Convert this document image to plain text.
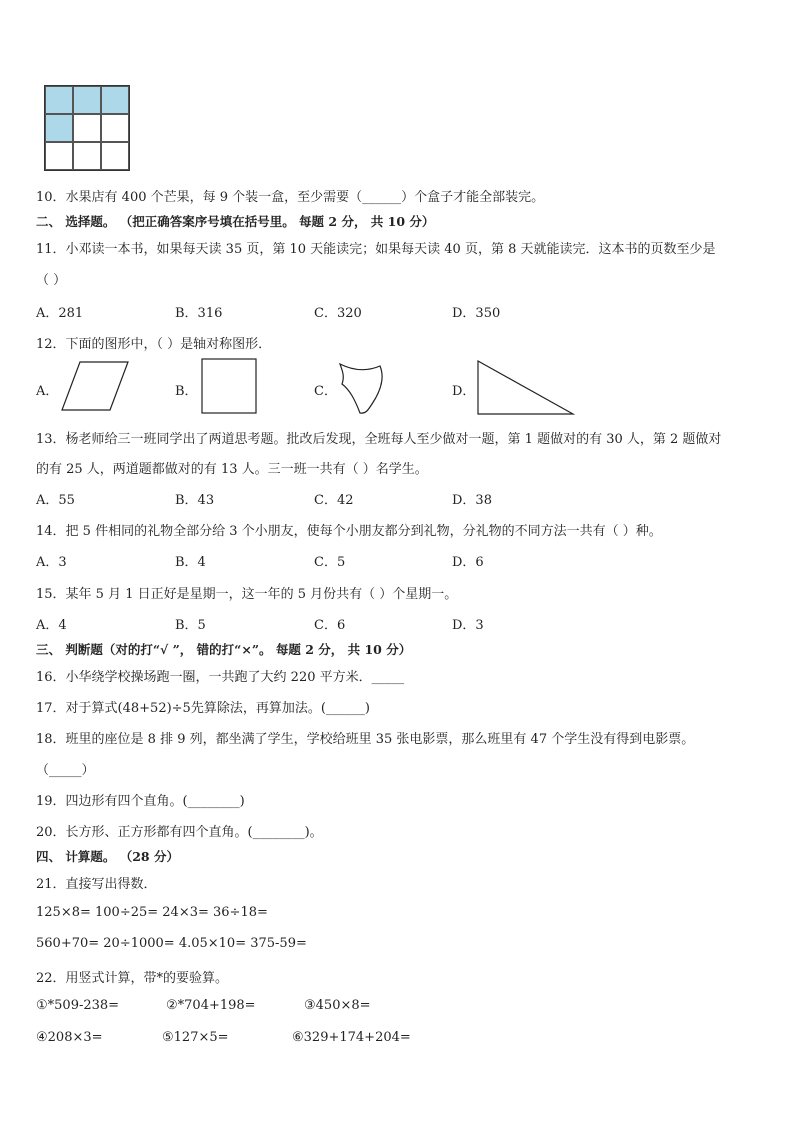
10．水果店有 400 个芒果，每 9 个装一盒，至少需要（______）个盒子才能全部装完。
二、 选择题。 （把正确答案序号填在括号里。 每题 2 分， 共 10 分）
11．小邓读一本书，如果每天读 35 页，第 10 天能读完；如果每天读 40 页，第 8 天就能读完．这本书的页数至少是
（ ）
A．281	B．316	C．320	D．350
12．下面的图形中，（ ）是轴对称图形．
A．	B．	C．	D．
13．杨老师给三一班同学出了两道思考题。批改后发现，全班每人至少做对一题，第 1 题做对的有 30 人，第 2 题做对
的有 25 人，两道题都做对的有 13 人。三一班一共有（ ）名学生。
A．55	B．43	C．42	D．38
14．把 5 件相同的礼物全部分给 3 个小朋友，使每个小朋友都分到礼物，分礼物的不同方法一共有（ ）种。
A．3	B．4	C．5	D．6
15．某年 5 月 1 日正好是星期一，这一年的 5 月份共有（ ）个星期一。
A．4	B．5	C．6	D．3
三、 判断题（对的打“√ ”， 错的打“×”。 每题 2 分， 共 10 分）
16．小华绕学校操场跑一圈，一共跑了大约 220 平方米．_____
17．对于算式(48+52)÷5先算除法，再算加法。(______)
18．班里的座位是 8 排 9 列，都坐满了学生，学校给班里 35 张电影票，那么班里有 47 个学生没有得到电影票。
（_____）
19．四边形有四个直角。(________)
20．长方形、正方形都有四个直角。(________)。
四、 计算题。 （28 分）
21．直接写出得数．
125×8= 100÷25= 24×3= 36÷18=
560+70= 20÷1000= 4.05×10= 375-59=
22．用竖式计算，带*的要验算。
①*509-238=	②*704+198=	③450×8=
④208×3=	⑤127×5=	⑥329+174+204=
